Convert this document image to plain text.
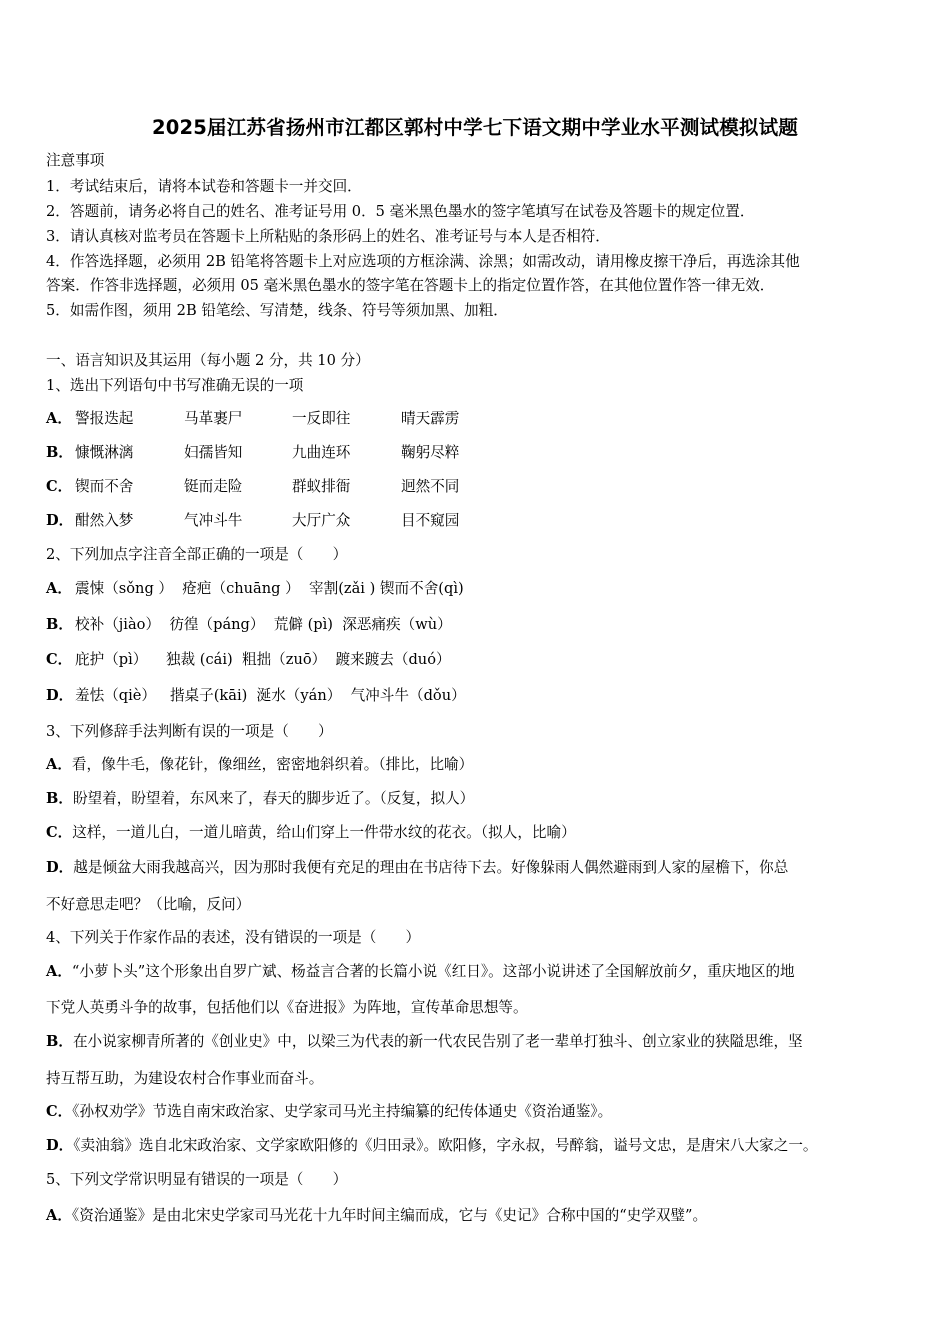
2025届江苏省扬州市江都区郭村中学七下语文期中学业水平测试模拟试题
注意事项
1．考试结束后，请将本试卷和答题卡一并交回．
2．答题前，请务必将自己的姓名、准考证号用 0．5 毫米黑色墨水的签字笔填写在试卷及答题卡的规定位置．
3．请认真核对监考员在答题卡上所粘贴的条形码上的姓名、准考证号与本人是否相符．
4．作答选择题，必须用 2B 铅笔将答题卡上对应选项的方框涂满、涂黑；如需改动，请用橡皮擦干净后，再选涂其他
答案．作答非选择题，必须用 05 毫米黑色墨水的签字笔在答题卡上的指定位置作答，在其他位置作答一律无效．
5．如需作图，须用 2B 铅笔绘、写清楚，线条、符号等须加黑、加粗．
一、语言知识及其运用（每小题 2 分，共 10 分）
1、选出下列语句中书写准确无误的一项
A． 警报迭起	马革裹尸	一反即往	晴天霹雳
B． 慷慨淋漓	妇孺皆知	九曲连环	鞠躬尽粹
C． 锲而不舍	铤而走险	群蚁排衙	迥然不同
D． 酣然入梦	气冲斗牛	大厅广众	目不窥园
2、下列加点字注音全部正确的一项是（　　）
A． 震悚（sǒng ）  疮疤（chuāng ）  宰割(zǎi ) 锲而不舍(qì)
B． 校补（jiào）  彷徨（páng）  荒僻 (pì)  深恶痛疾（wù）
C． 庇护（pì）    独裁 (cái)  粗拙（zuō）  踱来踱去（duó）
D． 羞怯（qiè）   揩桌子(kāi)  涎水（yán）  气冲斗牛（dǒu）
3、下列修辞手法判断有误的一项是（　　）
A．看，像牛毛，像花针，像细丝，密密地斜织着。（排比，比喻）
B．盼望着，盼望着，东风来了，春天的脚步近了。（反复，拟人）
C．这样，一道儿白，一道儿暗黄，给山们穿上一件带水纹的花衣。（拟人，比喻）
D．越是倾盆大雨我越高兴，因为那时我便有充足的理由在书店待下去。好像躲雨人偶然避雨到人家的屋檐下，你总
不好意思走吧？（比喻，反问）
4、下列关于作家作品的表述，没有错误的一项是（　　）
A．“小萝卜头”这个形象出自罗广斌、杨益言合著的长篇小说《红日》。这部小说讲述了全国解放前夕，重庆地区的地
下党人英勇斗争的故事，包括他们以《奋进报》为阵地，宣传革命思想等。
B．在小说家柳青所著的《创业史》中，以梁三为代表的新一代农民告别了老一辈单打独斗、创立家业的狭隘思维，坚
持互帮互助，为建设农村合作事业而奋斗。
C．《孙权劝学》节选自南宋政治家、史学家司马光主持编纂的纪传体通史《资治通鉴》。
D．《卖油翁》选自北宋政治家、文学家欧阳修的《归田录》。欧阳修，字永叔，号醉翁，谥号文忠，是唐宋八大家之一。
5、下列文学常识明显有错误的一项是（　　）
A．《资治通鉴》是由北宋史学家司马光花十九年时间主编而成，它与《史记》合称中国的“史学双璧”。
